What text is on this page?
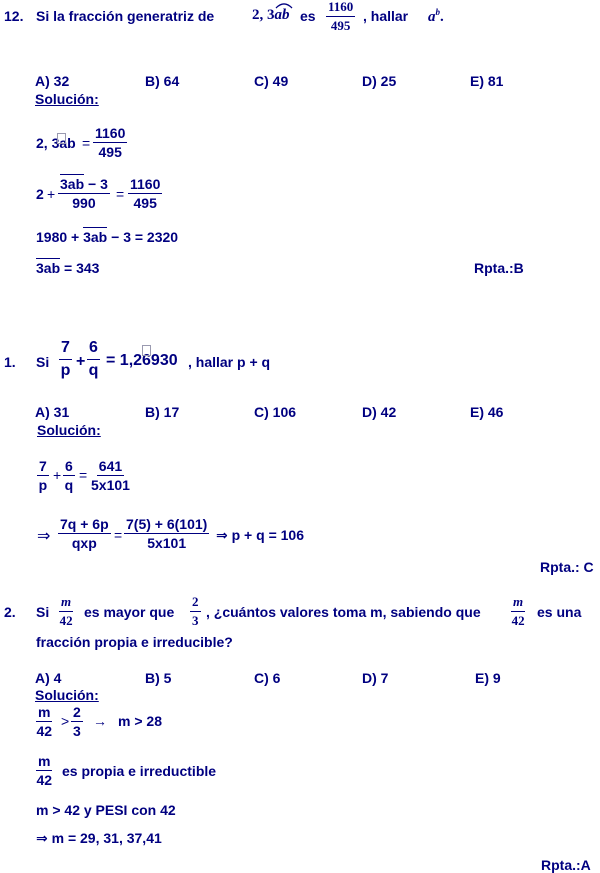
12. Si la fracción generatriz de	2, 3ab es $\frac{1160}{495}$ , hallar $a^b$.
A) 32	B) 64	C) 49	D) 25	E) 81
Solución:
2, $3ab = \frac{1160}{495}$
$2 + \frac{3ab - 3}{990} = \frac{1160}{495}$
1980 + 3ab − 3 = 2320
3ab = 343	Rpta.:B
1. Si $\frac{7}{p} + \frac{6}{q} = 1,26930$ , hallar p + q
A) 31	B) 17	C) 106	D) 42	E) 46
Solución:
$\frac{7}{p} + \frac{6}{q} = \frac{641}{5x101}$
⇒
7q + 6p
qxp = $\frac{7(5) + 6(101)}{5x101}$ ⇒ p + q = 106
Rpta.: C
2. Si $\frac{m}{42}$ es mayor que $\frac{2}{3}$ , ¿cuántos valores toma m, sabiendo que $\frac{m}{42}$ es una
fracción propia e irreducible?
A) 4	B) 5	C) 6	D) 7	E) 9
Solución:
$\frac{m}{42} > \frac{2}{3} \to m > 28$
$\frac{m}{42}$ es propia e irreductible
m > 42 y PESI con 42
⇒ m = 29, 31, 37,41
Rpta.:A
